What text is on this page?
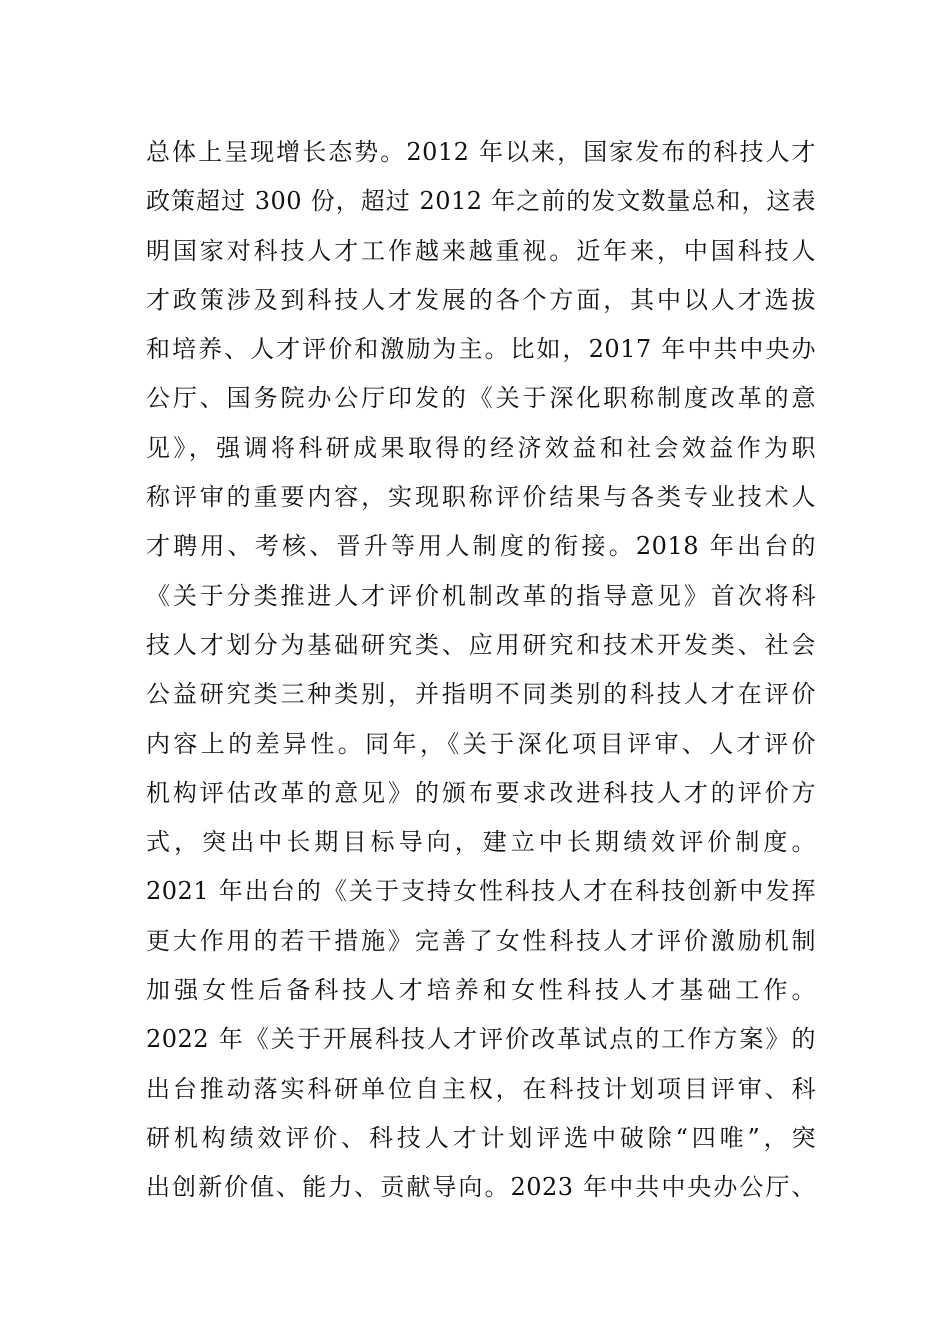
总体上呈现增长态势。2012 年以来，国家发布的科技人才
政策超过 300 份，超过 2012 年之前的发文数量总和，这表
明国家对科技人才工作越来越重视。近年来，中国科技人
才政策涉及到科技人才发展的各个方面，其中以人才选拔
和培养、人才评价和激励为主。比如，2017 年中共中央办
公厅、国务院办公厅印发的《关于深化职称制度改革的意
见》，强调将科研成果取得的经济效益和社会效益作为职
称评审的重要内容，实现职称评价结果与各类专业技术人
才聘用、考核、晋升等用人制度的衔接。2018 年出台的
《关于分类推进人才评价机制改革的指导意见》首次将科
技人才划分为基础研究类、应用研究和技术开发类、社会
公益研究类三种类别，并指明不同类别的科技人才在评价
内容上的差异性。同年，《关于深化项目评审、人才评价
机构评估改革的意见》的颁布要求改进科技人才的评价方
式，突出中长期目标导向，建立中长期绩效评价制度。
2021 年出台的《关于支持女性科技人才在科技创新中发挥
更大作用的若干措施》完善了女性科技人才评价激励机制
加强女性后备科技人才培养和女性科技人才基础工作。
2022 年《关于开展科技人才评价改革试点的工作方案》的
出台推动落实科研单位自主权，在科技计划项目评审、科
研机构绩效评价、科技人才计划评选中破除“四唯”，突
出创新价值、能力、贡献导向。2023 年中共中央办公厅、
